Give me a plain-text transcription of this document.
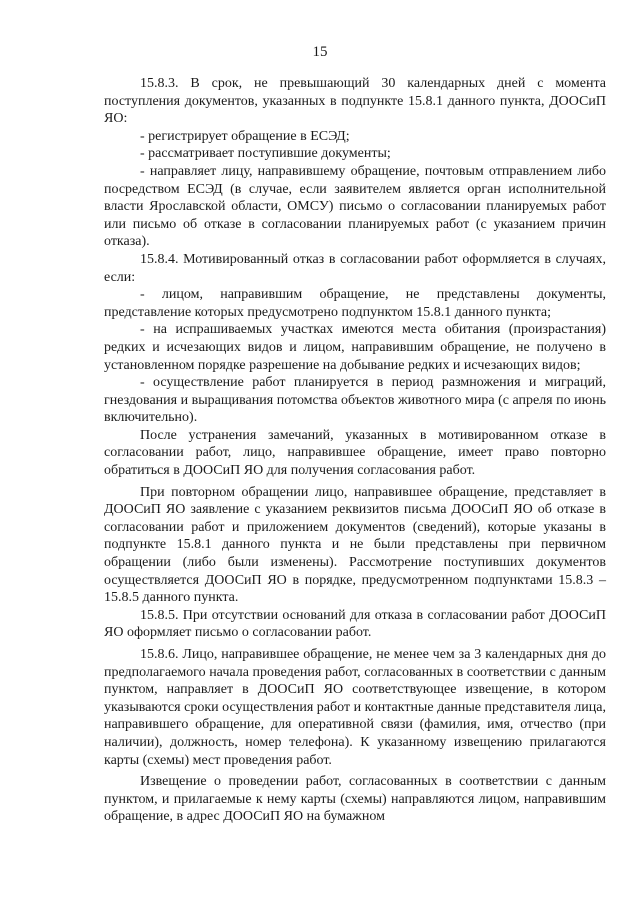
15

15.8.3. В срок, не превышающий 30 календарных дней с момента поступления документов, указанных в подпункте 15.8.1 данного пункта, ДООСиП ЯО:

- регистрирует обращение в ЕСЭД;

- рассматривает поступившие документы;

- направляет лицу, направившему обращение, почтовым отправлением либо посредством ЕСЭД (в случае, если заявителем является орган исполнительной власти Ярославской области, ОМСУ) письмо о согласовании планируемых работ или письмо об отказе в согласовании планируемых работ (с указанием причин отказа).

15.8.4. Мотивированный отказ в согласовании работ оформляется в случаях, если:

- лицом, направившим обращение, не представлены документы, представление которых предусмотрено подпунктом 15.8.1 данного пункта;

- на испрашиваемых участках имеются места обитания (произрастания) редких и исчезающих видов и лицом, направившим обращение, не получено в установленном порядке разрешение на добывание редких и исчезающих видов;

- осуществление работ планируется в период размножения и миграций, гнездования и выращивания потомства объектов животного мира (с апреля по июнь включительно).

После устранения замечаний, указанных в мотивированном отказе в согласовании работ, лицо, направившее обращение, имеет право повторно обратиться в ДООСиП ЯО для получения согласования работ.

При повторном обращении лицо, направившее обращение, представляет в ДООСиП ЯО заявление с указанием реквизитов письма ДООСиП ЯО об отказе в согласовании работ и приложением документов (сведений), которые указаны в подпункте 15.8.1 данного пункта и не были представлены при первичном обращении (либо были изменены). Рассмотрение поступивших документов осуществляется ДООСиП ЯО в порядке, предусмотренном подпунктами 15.8.3 – 15.8.5 данного пункта.

15.8.5. При отсутствии оснований для отказа в согласовании работ ДООСиП ЯО оформляет письмо о согласовании работ.

15.8.6. Лицо, направившее обращение, не менее чем за 3 календарных дня до предполагаемого начала проведения работ, согласованных в соответствии с данным пунктом, направляет в ДООСиП ЯО соответствующее извещение, в котором указываются сроки осуществления работ и контактные данные представителя лица, направившего обращение, для оперативной связи (фамилия, имя, отчество (при наличии), должность, номер телефона). К указанному извещению прилагаются карты (схемы) мест проведения работ.

Извещение о проведении работ, согласованных в соответствии с данным пунктом, и прилагаемые к нему карты (схемы) направляются лицом, направившим обращение, в адрес ДООСиП ЯО на бумажном
